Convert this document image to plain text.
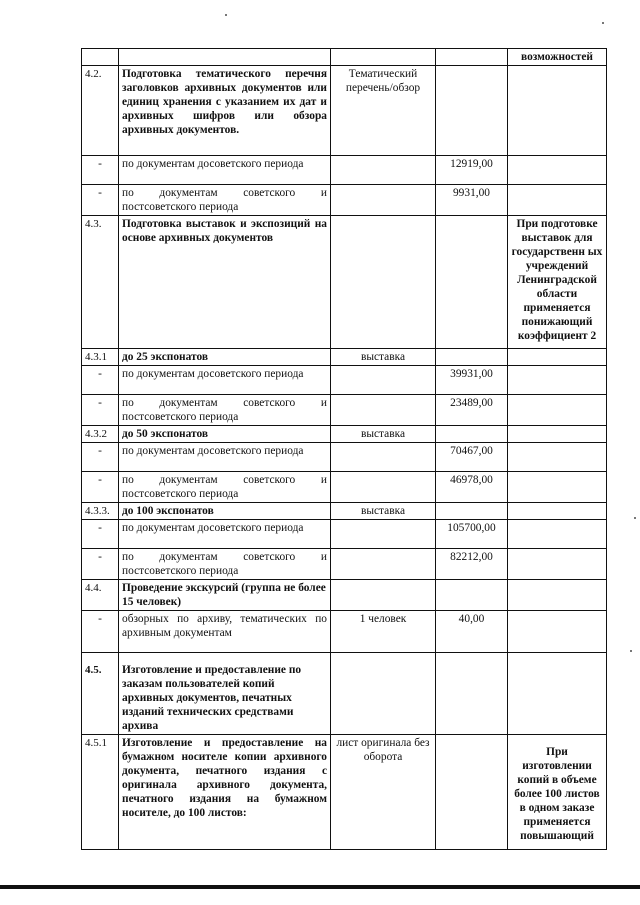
				возможностей
4.2.	Подготовка тематического перечня заголовков архивных документов или единиц хранения с указанием их дат и архивных шифров или обзора архивных документов.	Тематический перечень/обзор		
-	по документам досоветского периода		12919,00	
-	по документам советского и постсоветского периода		9931,00	
4.3.	Подготовка выставок и экспозиций на основе архивных документов			При подготовке выставок для государственн ых учреждений Ленинградской области применяется понижающий коэффициент 2
4.3.1	до 25 экспонатов	выставка		
-	по документам досоветского периода		39931,00	
-	по документам советского и постсоветского периода		23489,00	
4.3.2	до 50 экспонатов	выставка		
-	по документам досоветского периода		70467,00	
-	по документам советского и постсоветского периода		46978,00	
4.3.3.	до 100 экспонатов	выставка		
-	по документам досоветского периода		105700,00	
-	по документам советского и постсоветского периода		82212,00	
4.4.	Проведение экскурсий (группа не более 15 человек)			
-	обзорных по архиву, тематических по архивным документам	1 человек	40,00	
4.5.	Изготовление и предоставление по заказам пользователей копий архивных документов, печатных изданий технических средствами архива			
4.5.1	Изготовление и предоставление на бумажном носителе копии архивного документа, печатного издания с оригинала архивного документа, печатного издания на бумажном носителе, до 100 листов:	лист оригинала без оборота		При изготовлении копий в объеме более 100 листов в одном заказе применяется повышающий
